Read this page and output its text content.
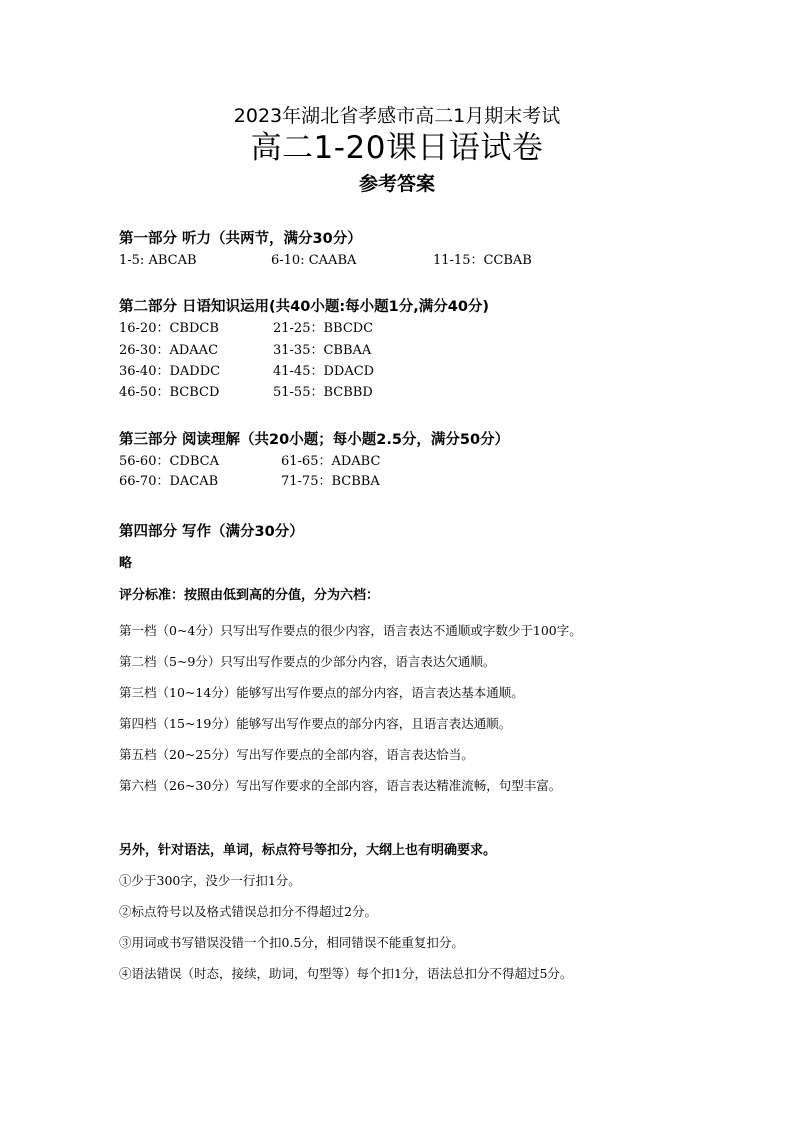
2023年湖北省孝感市高二1月期末考试
高二1-20课日语试卷
参考答案
第一部分 听力（共两节，满分30分）
1-5: ABCAB	6-10: CAABA	11-15：CCBAB
第二部分 日语知识运用(共40小题:每小题1分,满分40分)
16-20：CBDCB	21-25：BBCDC
26-30：ADAAC	31-35：CBBAA
36-40：DADDC	41-45：DDACD
46-50：BCBCD	51-55：BCBBD
第三部分 阅读理解（共20小题；每小题2.5分，满分50分）
56-60：CDBCA	61-65：ADABC
66-70：DACAB	71-75：BCBBA
第四部分 写作（满分30分）
略
评分标准：按照由低到高的分值，分为六档：
第一档（0~4分）只写出写作要点的很少内容，语言表达不通顺或字数少于100字。
第二档（5~9分）只写出写作要点的少部分内容，语言表达欠通顺。
第三档（10~14分）能够写出写作要点的部分内容，语言表达基本通顺。
第四档（15~19分）能够写出写作要点的部分内容，且语言表达通顺。
第五档（20~25分）写出写作要点的全部内容，语言表达恰当。
第六档（26~30分）写出写作要求的全部内容，语言表达精准流畅，句型丰富。
另外，针对语法，单词，标点符号等扣分，大纲上也有明确要求。
①少于300字，没少一行扣1分。
②标点符号以及格式错误总扣分不得超过2分。
③用词或书写错误没错一个扣0.5分，相同错误不能重复扣分。
④语法错误（时态，接续，助词，句型等）每个扣1分，语法总扣分不得超过5分。
